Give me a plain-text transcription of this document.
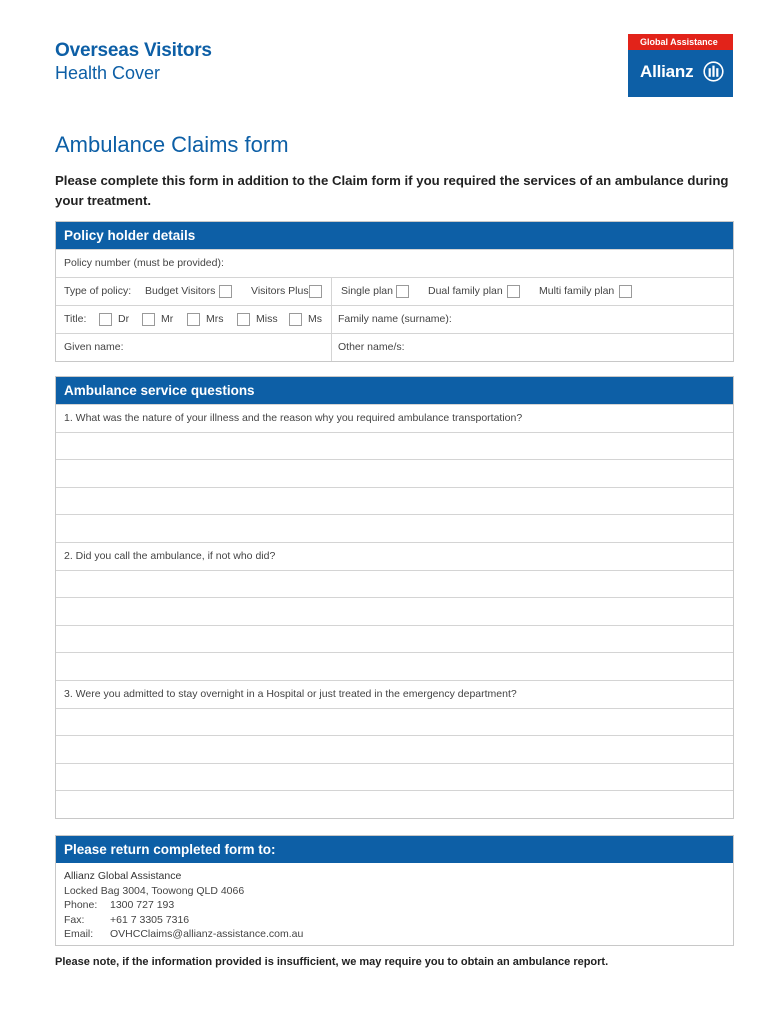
Overseas Visitors
Health Cover
Global Assistance
Allianz
Ambulance Claims form
Please complete this form in addition to the Claim form if you required the services of an ambulance during your treatment.
Policy holder details
Policy number (must be provided):
Type of policy: Budget Visitors	Visitors Plus	Single plan	Dual family plan	Multi family plan
Title:	Dr	Mr	Mrs	Miss	Ms Family name (surname):
Given name:	Other name/s:
Ambulance service questions
1. What was the nature of your illness and the reason why you required ambulance transportation?
2. Did you call the ambulance, if not who did?
3. Were you admitted to stay overnight in a Hospital or just treated in the emergency department?
Please return completed form to:
Allianz Global Assistance
Locked Bag 3004, Toowong QLD 4066
Phone: 1300 727 193
Fax: +61 7 3305 7316
Email: OVHCClaims@allianz-assistance.com.au
Please note, if the information provided is insufficient, we may require you to obtain an ambulance report.
